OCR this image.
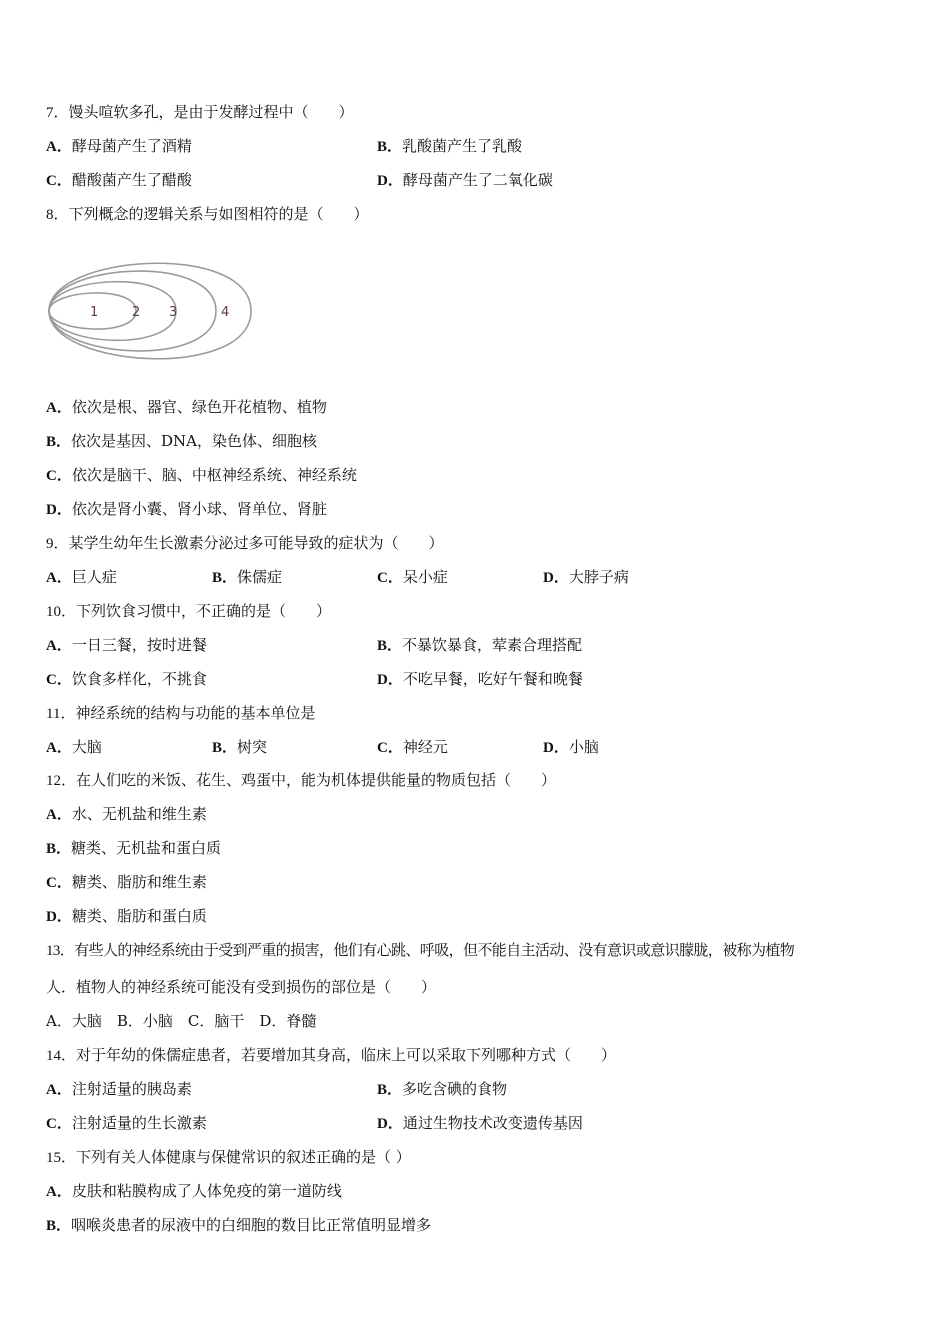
7．馒头喧软多孔，是由于发酵过程中（　　）
A．酵母菌产生了酒精	B．乳酸菌产生了乳酸
C．醋酸菌产生了醋酸	D．酵母菌产生了二氧化碳
8．下列概念的逻辑关系与如图相符的是（　　）
1	2 3	4
A．依次是根、器官、绿色开花植物、植物
B．依次是基因、DNA，染色体、细胞核
C．依次是脑干、脑、中枢神经系统、神经系统
D．依次是肾小囊、肾小球、肾单位、肾脏
9．某学生幼年生长激素分泌过多可能导致的症状为（　　）
A．巨人症	B．侏儒症	C．呆小症	D．大脖子病
10．下列饮食习惯中，不正确的是（　　）
A．一日三餐，按时进餐	B．不暴饮暴食，荤素合理搭配
C．饮食多样化，不挑食	D．不吃早餐，吃好午餐和晚餐
11．神经系统的结构与功能的基本单位是
A．大脑	B．树突	C．神经元	D．小脑
12．在人们吃的米饭、花生、鸡蛋中，能为机体提供能量的物质包括（　　）
A．水、无机盐和维生素
B．糖类、无机盐和蛋白质
C．糖类、脂肪和维生素
D．糖类、脂肪和蛋白质
13．有些人的神经系统由于受到严重的损害，他们有心跳、呼吸，但不能自主活动、没有意识或意识朦胧，被称为植物
人．植物人的神经系统可能没有受到损伤的部位是（　　）
A．大脑　B．小脑　C．脑干　D．脊髓
14．对于年幼的侏儒症患者，若要增加其身高，临床上可以采取下列哪种方式（　　）
A．注射适量的胰岛素	B．多吃含碘的食物
C．注射适量的生长激素	D．通过生物技术改变遗传基因
15．下列有关人体健康与保健常识的叙述正确的是（ ）
A．皮肤和粘膜构成了人体免疫的第一道防线
B．咽喉炎患者的尿液中的白细胞的数目比正常值明显增多
